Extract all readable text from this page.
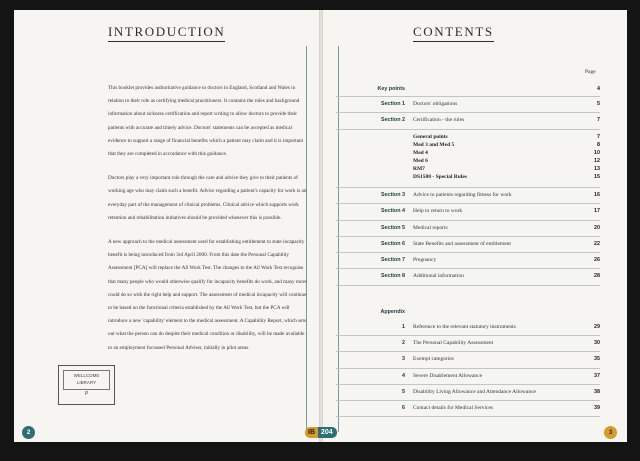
INTRODUCTION

This booklet provides authoritative guidance to doctors in England, Scotland and Wales in relation to their role as certifying medical practitioners. It contains the rules and background information about sickness certification and report writing to allow doctors to provide their patients with accurate and timely advice. Doctors' statements can be accepted as medical evidence to support a range of financial benefits which a patient may claim and it is important that they are completed in accordance with this guidance.

Doctors play a very important role through the care and advice they give to their patients of working age who may claim such a benefit. Advice regarding a patient's capacity for work is an everyday part of the management of clinical problems. Clinical advice which supports work retention and rehabilitation initiatives should be provided whenever this is possible.

A new approach to the medical assessment used for establishing entitlement to state incapacity benefit is being introduced from 3rd April 2000. From this date the Personal Capability Assessment [PCA] will replace the All Work Test. The changes to the All Work Test recognise that many people who would otherwise qualify for incapacity benefits do work, and many more could do so with the right help and support. The assessment of medical incapacity will continue to be based on the functional criteria established by the All Work Test, but the PCA will introduce a new 'capability' element to the medical assessment. A Capability Report, which sets out what the person can do despite their medical condition or disability, will be made available to an employment focussed Personal Adviser, initially in pilot areas.

WELLCOME
LIBRARY
P
CONTENTS
Page
Key points	4
Section 1 Doctors' obligations	5
Section 2 Certification - the rules	7
General points	7
Med 3 and Med 5	8
Med 4	10
Med 6	12
RM7	13
DS1500 - Special Rules	15
Section 3 Advice to patients regarding fitness for work	16
Section 4 Help to return to work	17
Section 5 Medical reports	20
Section 6 State Benefits and assessment of entitlement	22
Section 7 Pregnancy	26
Section 8 Additional information	28
Appendix
1 Reference to the relevant statutory instruments	29
2 The Personal Capability Assessment	30
3 Exempt categories	35
4 Severe Disablement Allowance	37
5 Disability Living Allowance and Attendance Allowance	38
6 Contact details for Medical Services	39
2	3
IB 204
